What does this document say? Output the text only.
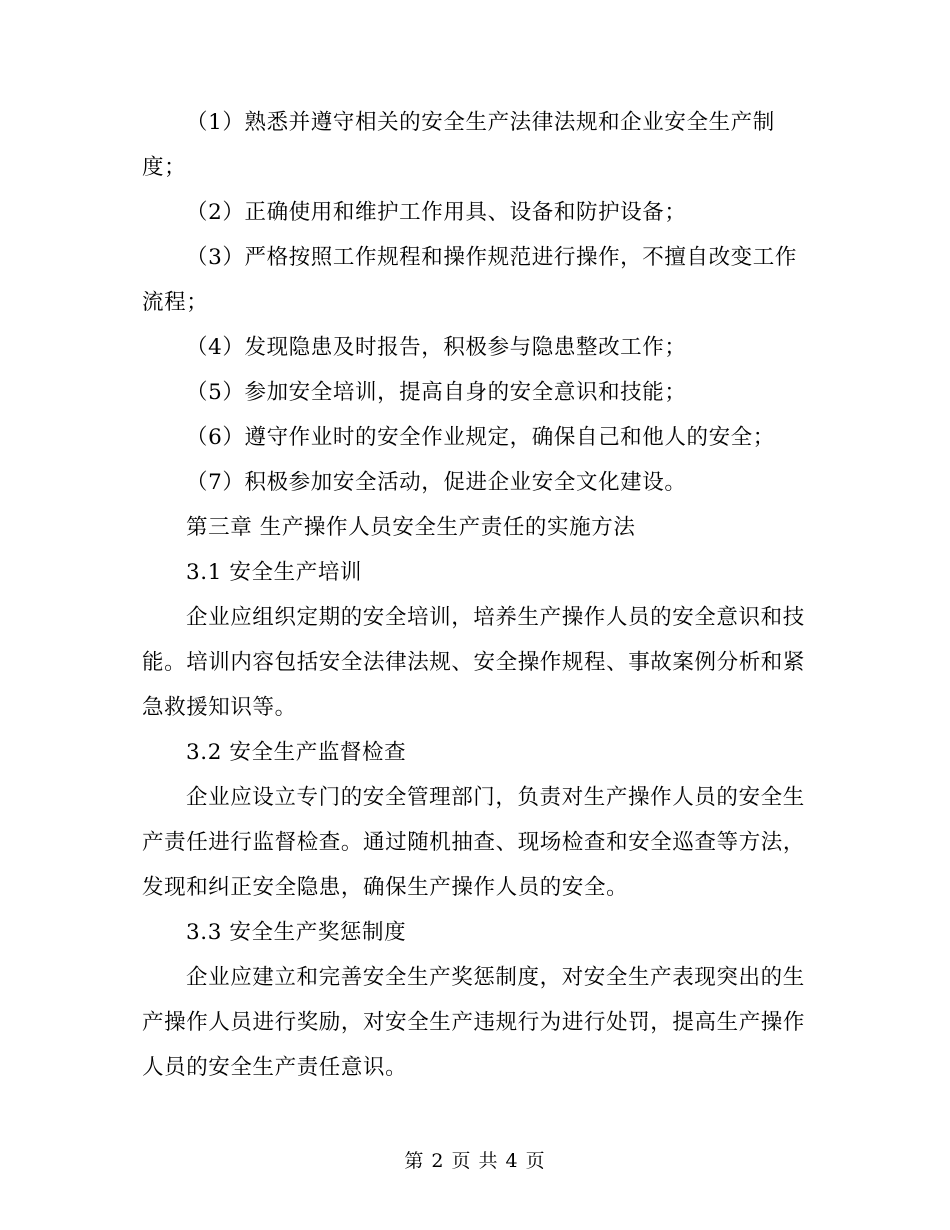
（1）熟悉并遵守相关的安全生产法律法规和企业安全生产制度；

（2）正确使用和维护工作用具、设备和防护设备；

（3）严格按照工作规程和操作规范进行操作，不擅自改变工作流程；

（4）发现隐患及时报告，积极参与隐患整改工作；

（5）参加安全培训，提高自身的安全意识和技能；

（6）遵守作业时的安全作业规定，确保自己和他人的安全；

（7）积极参加安全活动，促进企业安全文化建设。

第三章 生产操作人员安全生产责任的实施方法

3.1 安全生产培训

企业应组织定期的安全培训，培养生产操作人员的安全意识和技能。培训内容包括安全法律法规、安全操作规程、事故案例分析和紧急救援知识等。

3.2 安全生产监督检查

企业应设立专门的安全管理部门，负责对生产操作人员的安全生产责任进行监督检查。通过随机抽查、现场检查和安全巡查等方法，发现和纠正安全隐患，确保生产操作人员的安全。

3.3 安全生产奖惩制度

企业应建立和完善安全生产奖惩制度，对安全生产表现突出的生产操作人员进行奖励，对安全生产违规行为进行处罚，提高生产操作人员的安全生产责任意识。

第 2 页 共 4 页
